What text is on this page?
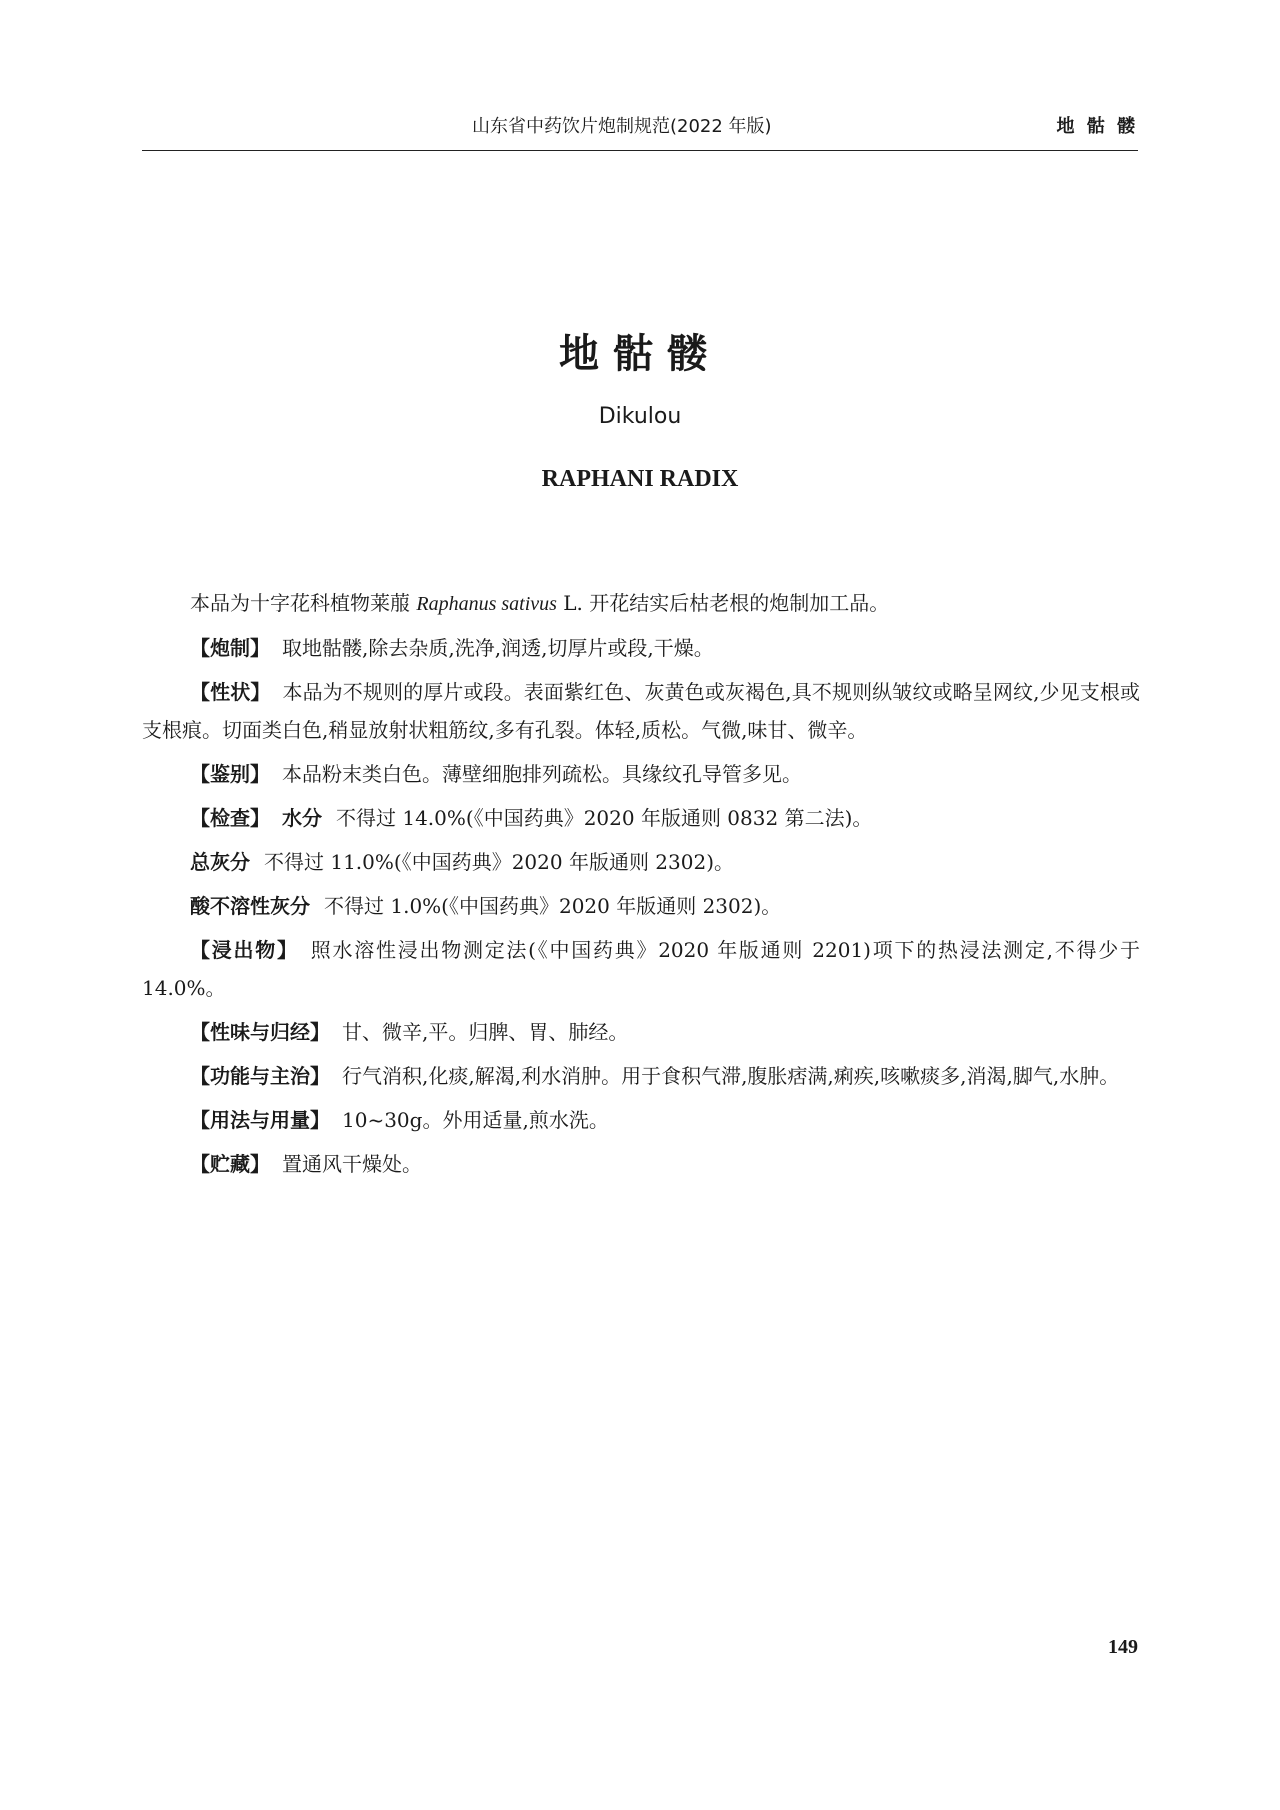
山东省中药饮片炮制规范(2022 年版)	地 骷 髅
地骷髅
Dikulou
RAPHANI RADIX

本品为十字花科植物莱菔 Raphanus sativus L. 开花结实后枯老根的炮制加工品。

【炮制】 取地骷髅,除去杂质,洗净,润透,切厚片或段,干燥。

【性状】 本品为不规则的厚片或段。表面紫红色、灰黄色或灰褐色,具不规则纵皱纹或略呈网纹,少见支根或支根痕。切面类白色,稍显放射状粗筋纹,多有孔裂。体轻,质松。气微,味甘、微辛。

【鉴别】 本品粉末类白色。薄壁细胞排列疏松。具缘纹孔导管多见。

【检查】 水分 不得过 14.0%(《中国药典》2020 年版通则 0832 第二法)。

总灰分 不得过 11.0%(《中国药典》2020 年版通则 2302)。

酸不溶性灰分 不得过 1.0%(《中国药典》2020 年版通则 2302)。

【浸出物】 照水溶性浸出物测定法(《中国药典》2020 年版通则 2201)项下的热浸法测定,不得少于 14.0%。

【性味与归经】 甘、微辛,平。归脾、胃、肺经。

【功能与主治】 行气消积,化痰,解渴,利水消肿。用于食积气滞,腹胀痞满,痢疾,咳嗽痰多,消渴,脚气,水肿。

【用法与用量】 10~30g。外用适量,煎水洗。

【贮藏】 置通风干燥处。

149
